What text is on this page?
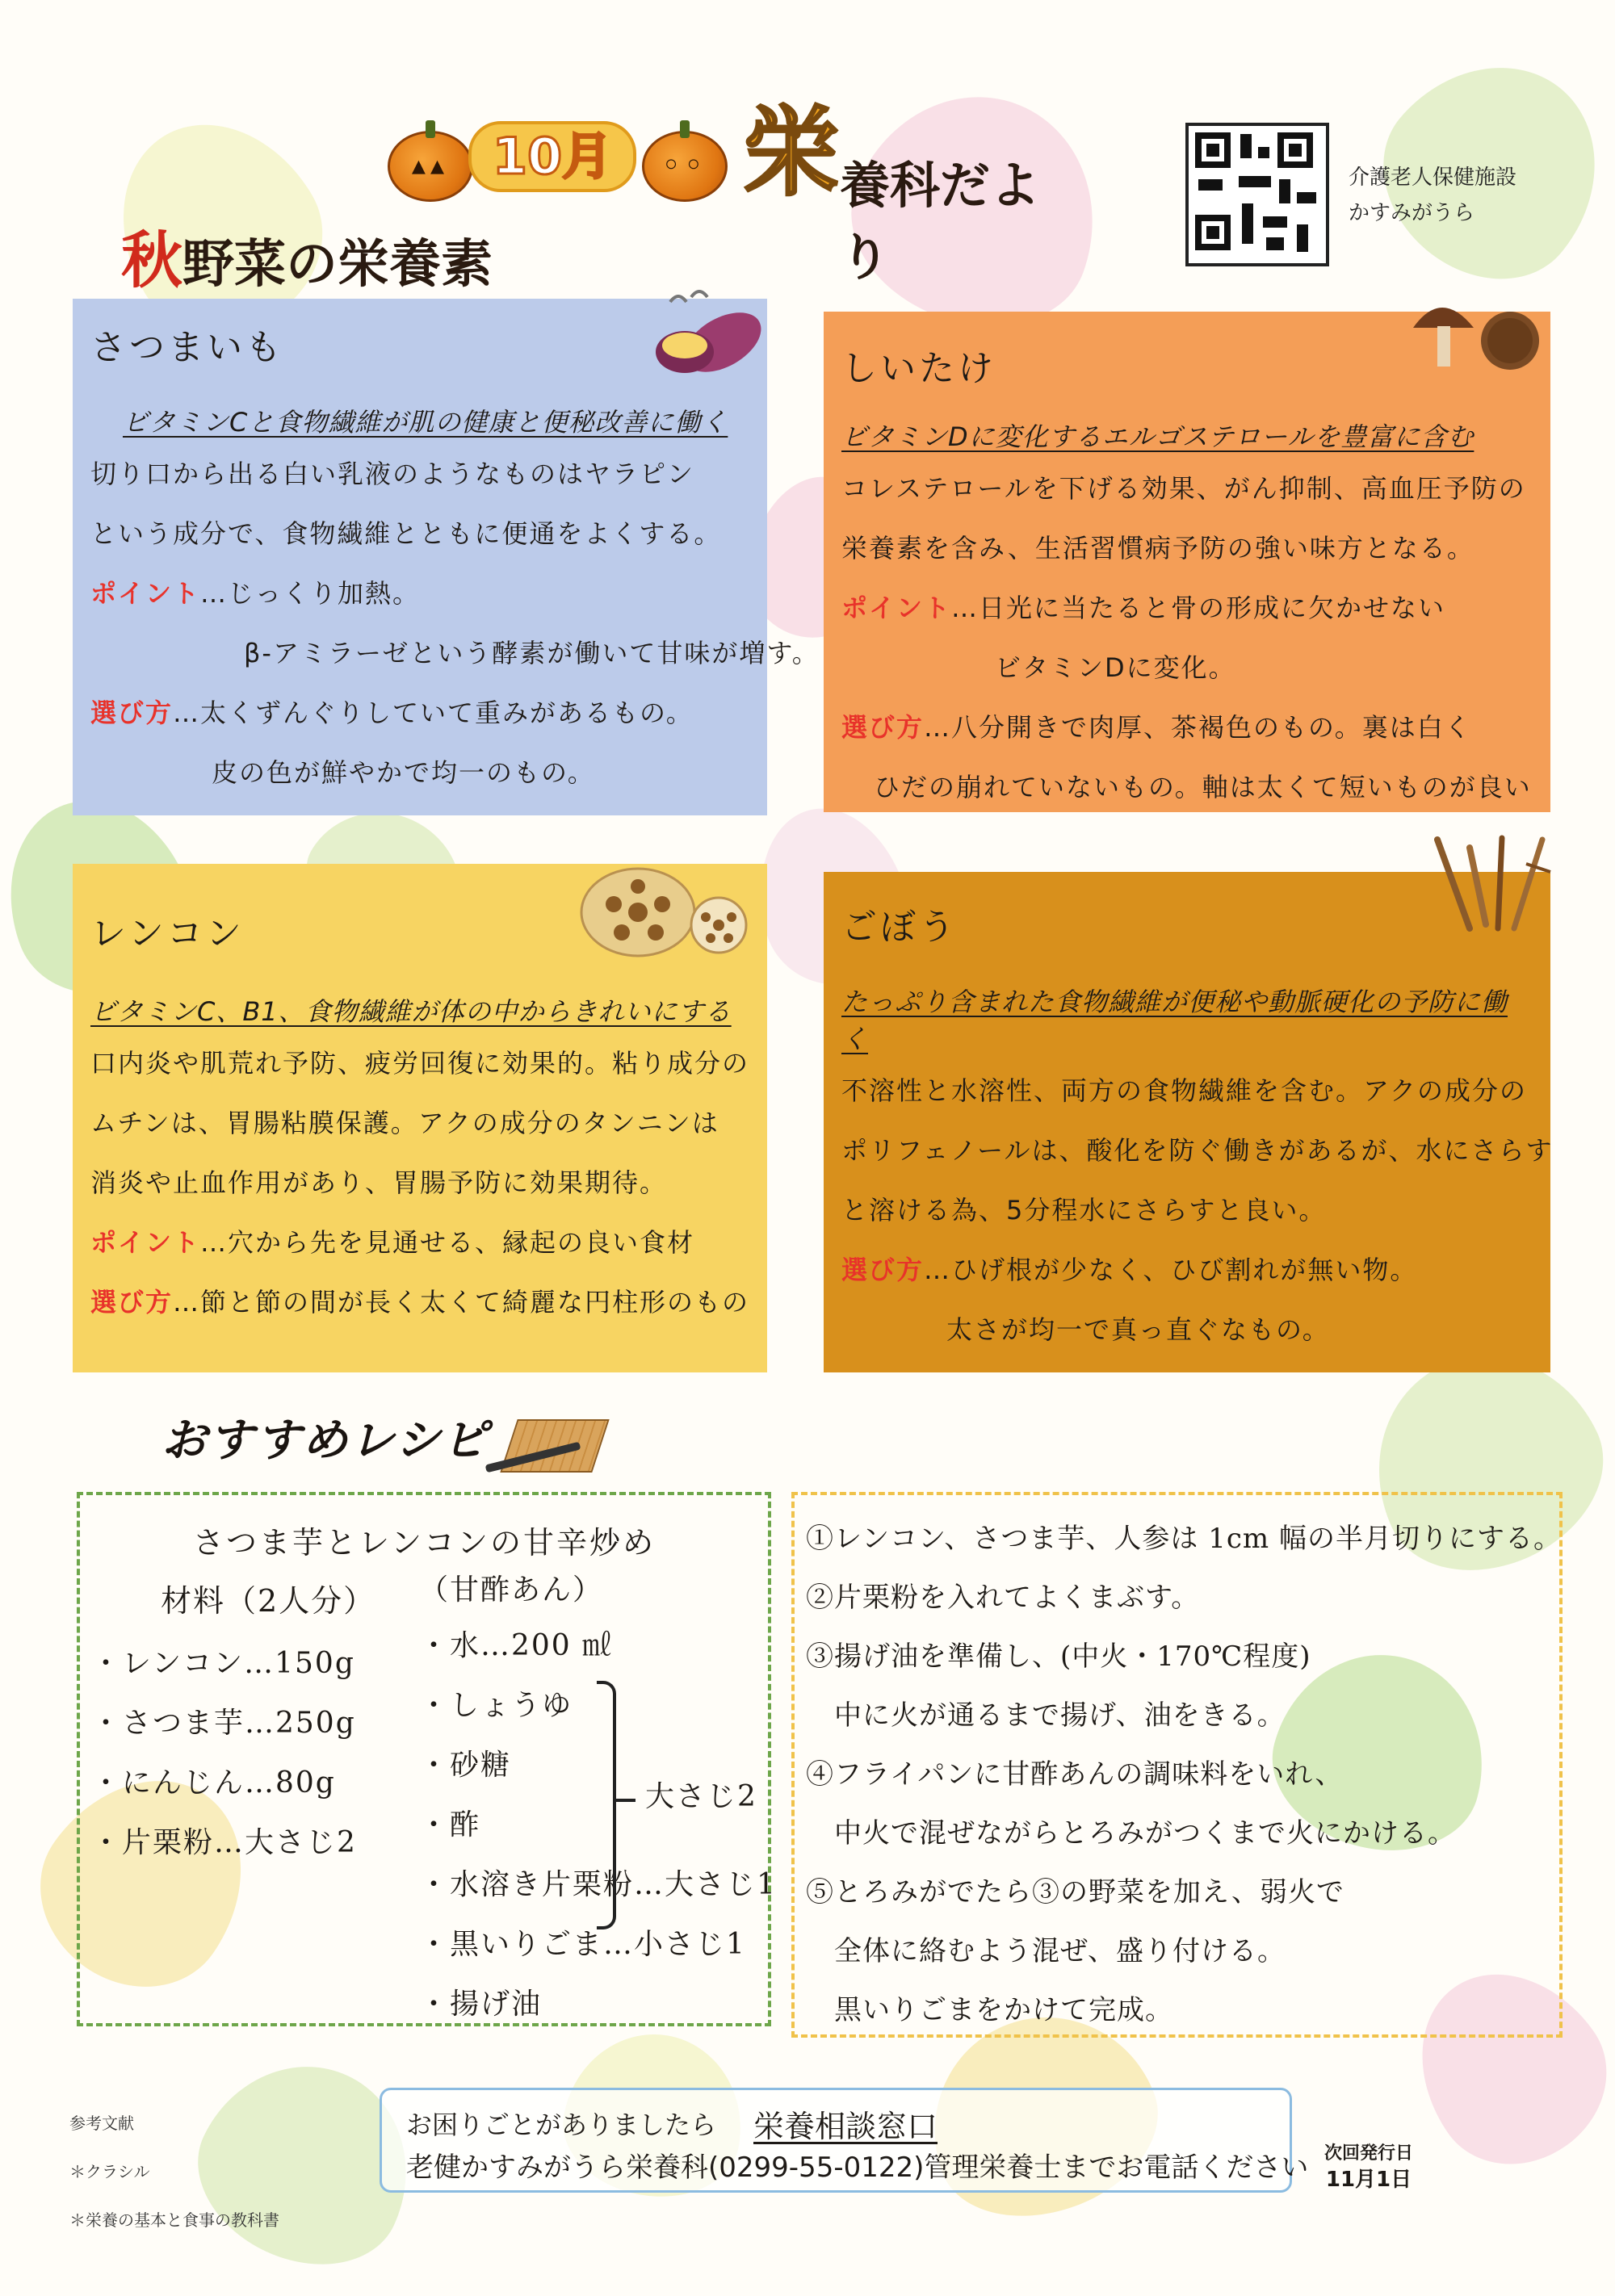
▴▴ 10月	◦◦ 栄 養科だより
秋野菜の栄養素
介護老人保健施設
かすみがうら
さつまいも
ビタミンCと食物繊維が肌の健康と便秘改善に働く
切り口から出る白い乳液のようなものはヤラピン
という成分で、食物繊維とともに便通をよくする。
ポイント…じっくり加熱。
β-アミラーゼという酵素が働いて甘味が増す。
選び方…太くずんぐりしていて重みがあるもの。
皮の色が鮮やかで均一のもの。
しいたけ
ビタミンDに変化するエルゴステロールを豊富に含む
コレステロールを下げる効果、がん抑制、高血圧予防の
栄養素を含み、生活習慣病予防の強い味方となる。
ポイント…日光に当たると骨の形成に欠かせない
ビタミンDに変化。
選び方…八分開きで肉厚、茶褐色のもの。裏は白く
ひだの崩れていないもの。軸は太くて短いものが良い
レンコン
ビタミンC、B1、食物繊維が体の中からきれいにする
口内炎や肌荒れ予防、疲労回復に効果的。粘り成分の
ムチンは、胃腸粘膜保護。アクの成分のタンニンは
消炎や止血作用があり、胃腸予防に効果期待。
ポイント…穴から先を見通せる、縁起の良い食材
選び方…節と節の間が長く太くて綺麗な円柱形のもの
ごぼう
たっぷり含まれた食物繊維が便秘や動脈硬化の予防に働く
不溶性と水溶性、両方の食物繊維を含む。アクの成分の
ポリフェノールは、酸化を防ぐ働きがあるが、水にさらす
と溶ける為、5分程水にさらすと良い。
選び方…ひげ根が少なく、ひび割れが無い物。
太さが均一で真っ直ぐなもの。
おすすめレシピ
さつま芋とレンコンの甘辛炒め
材料（2人分）
・レンコン…150g
・さつま芋…250g
・にんじん…80g
・片栗粉…大さじ2
（甘酢あん）
・水…200 ㎖
・しょうゆ
・砂糖
・酢
・水溶き片栗粉…大さじ1
・黒いりごま…小さじ1
・揚げ油
大さじ2
①レンコン、さつま芋、人参は 1cm 幅の半月切りにする。
②片栗粉を入れてよくまぶす。
③揚げ油を準備し、(中火・170℃程度)
　中に火が通るまで揚げ、油をきる。
④フライパンに甘酢あんの調味料をいれ、
　中火で混ぜながらとろみがつくまで火にかける。
⑤とろみがでたら③の野菜を加え、弱火で
　全体に絡むよう混ぜ、盛り付ける。
　黒いりごまをかけて完成。
参考文献
＊クラシル
＊栄養の基本と食事の教科書
お困りごとがありましたら 栄養相談窓口
老健かすみがうら栄養科(0299-55-0122)管理栄養士までお電話ください 次回発行日
11月1日
